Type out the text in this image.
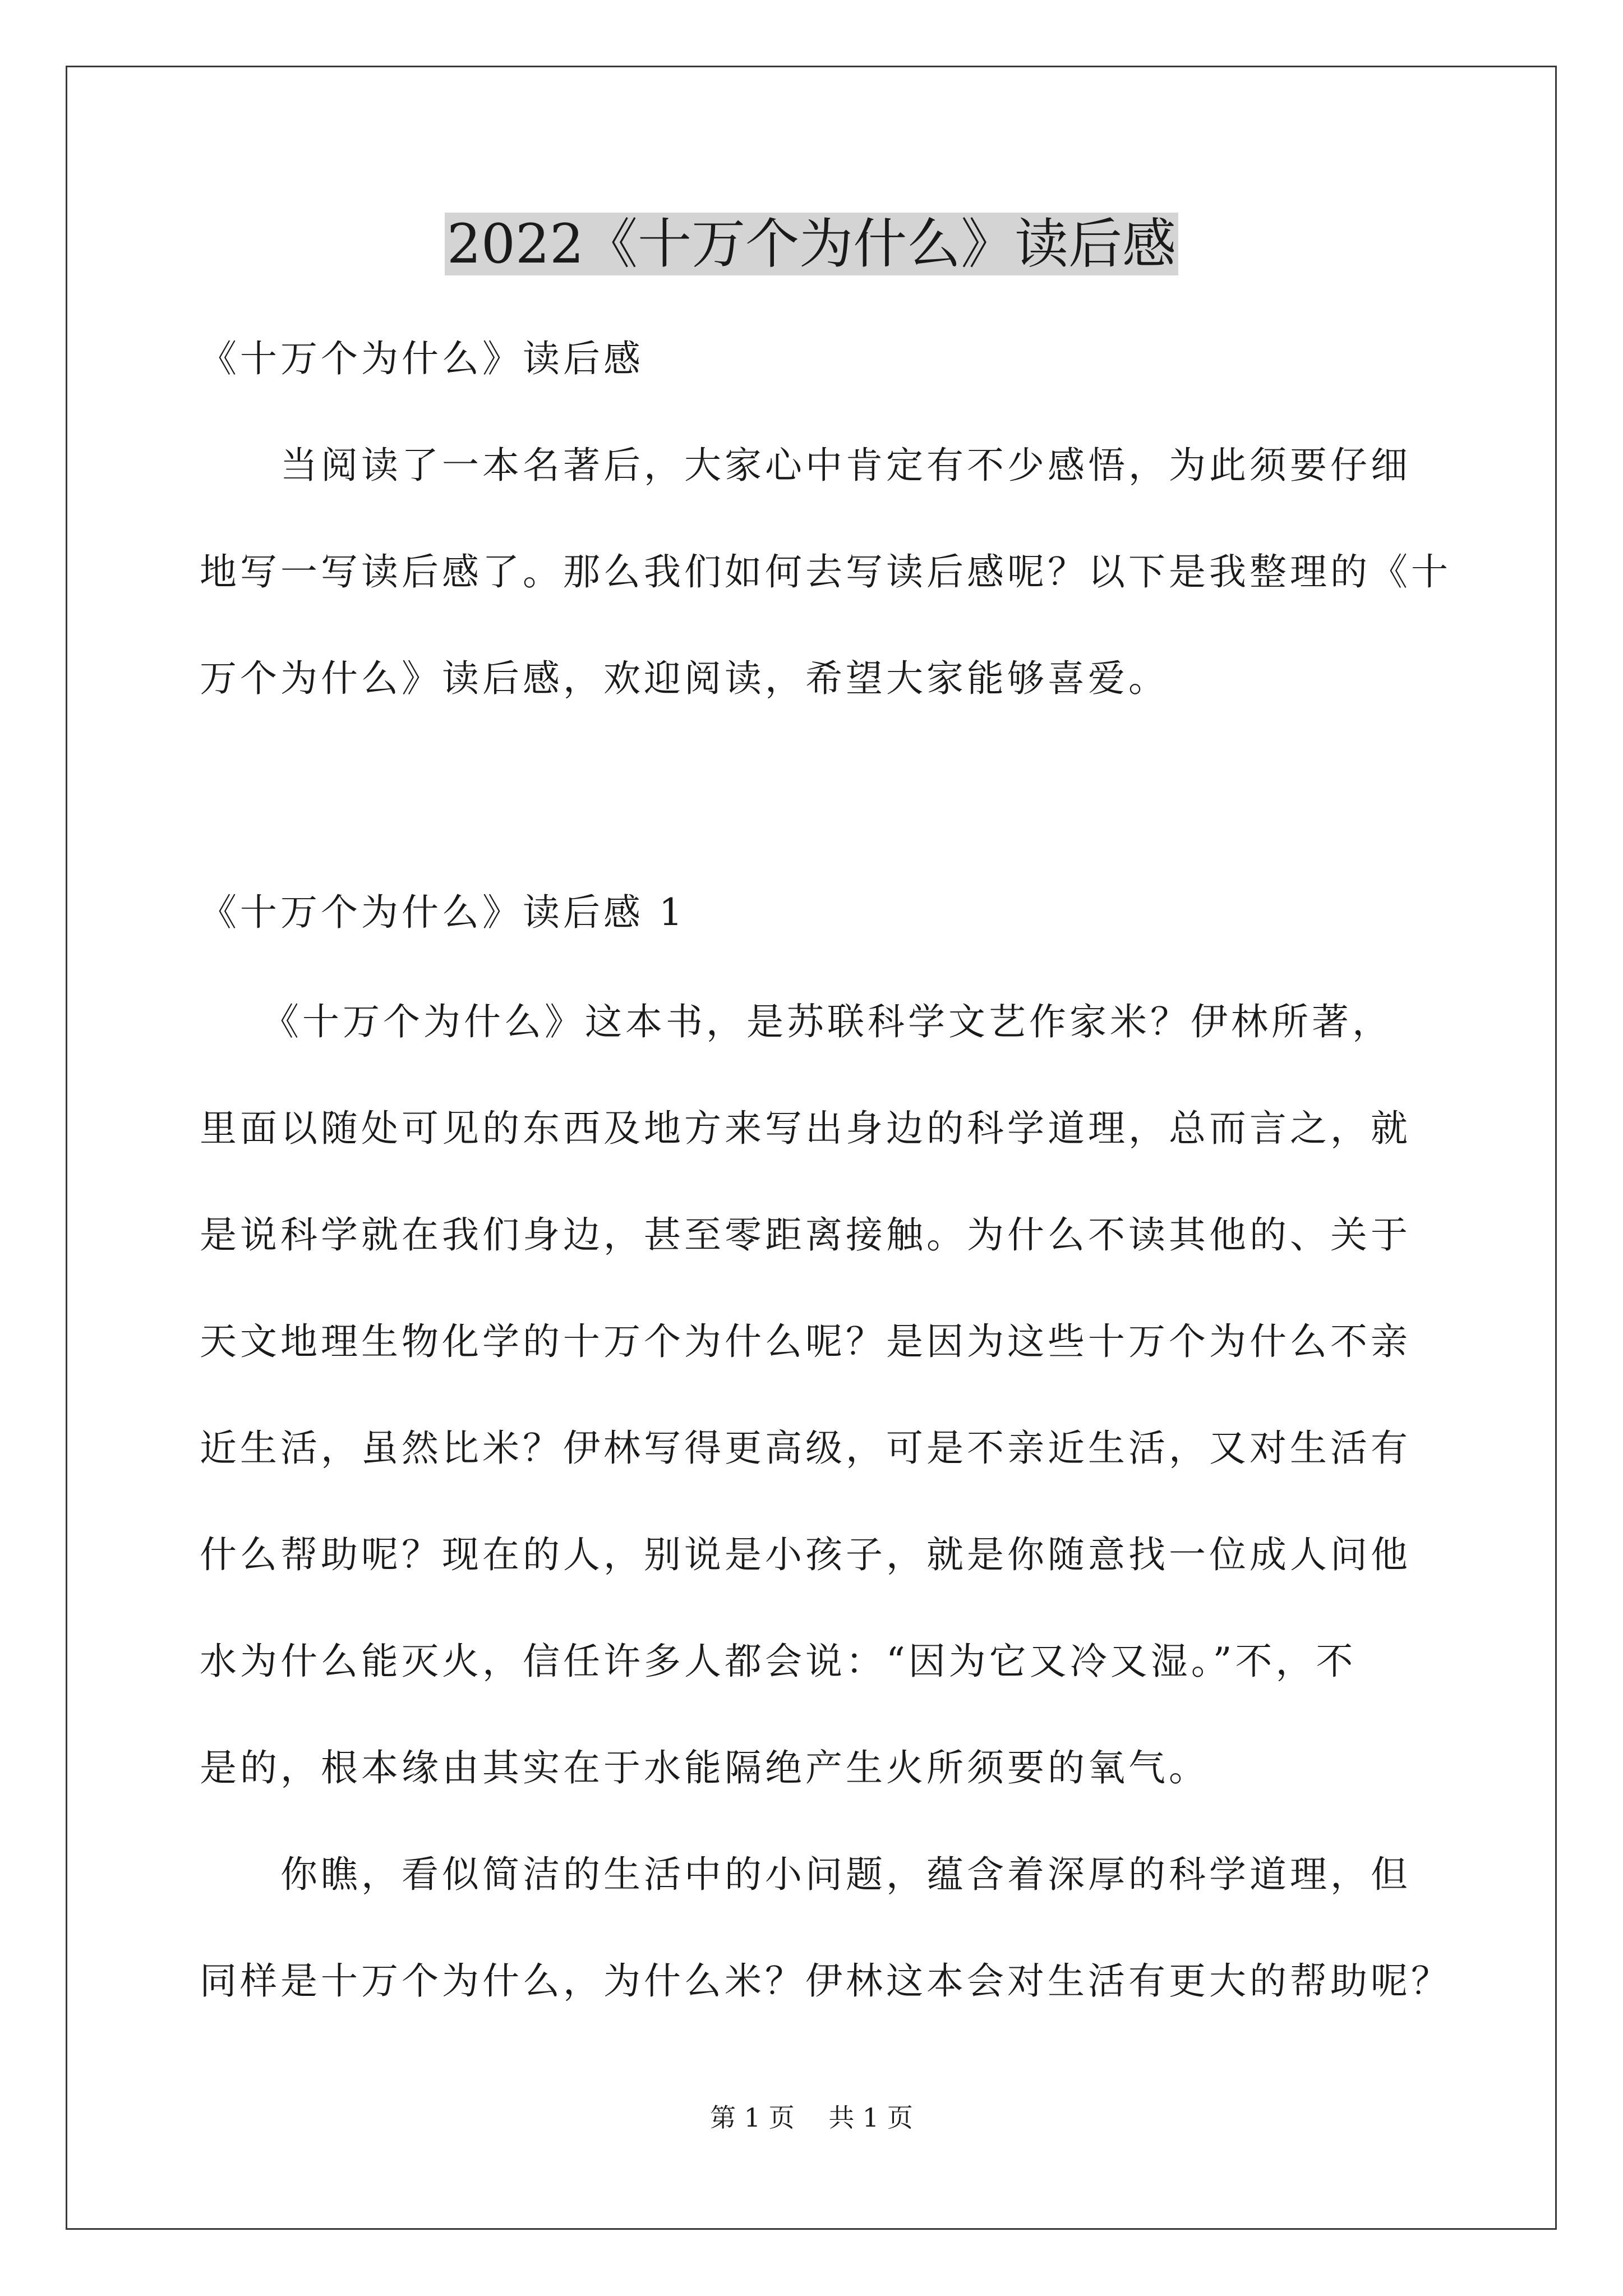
2022《十万个为什么》读后感
《十万个为什么》读后感
　　当阅读了一本名著后，大家心中肯定有不少感悟，为此须要仔细
地写一写读后感了。那么我们如何去写读后感呢？以下是我整理的《十
万个为什么》读后感，欢迎阅读，希望大家能够喜爱。
《十万个为什么》读后感 1
　　《十万个为什么》这本书，是苏联科学文艺作家米？伊林所著，
里面以随处可见的东西及地方来写出身边的科学道理，总而言之，就
是说科学就在我们身边，甚至零距离接触。为什么不读其他的、关于
天文地理生物化学的十万个为什么呢？是因为这些十万个为什么不亲
近生活，虽然比米？伊林写得更高级，可是不亲近生活，又对生活有
什么帮助呢？现在的人，别说是小孩子，就是你随意找一位成人问他
水为什么能灭火，信任许多人都会说：“因为它又冷又湿。”不，不
是的，根本缘由其实在于水能隔绝产生火所须要的氧气。
　　你瞧，看似简洁的生活中的小问题，蕴含着深厚的科学道理，但
同样是十万个为什么，为什么米？伊林这本会对生活有更大的帮助呢？
第 1 页 共 1 页
